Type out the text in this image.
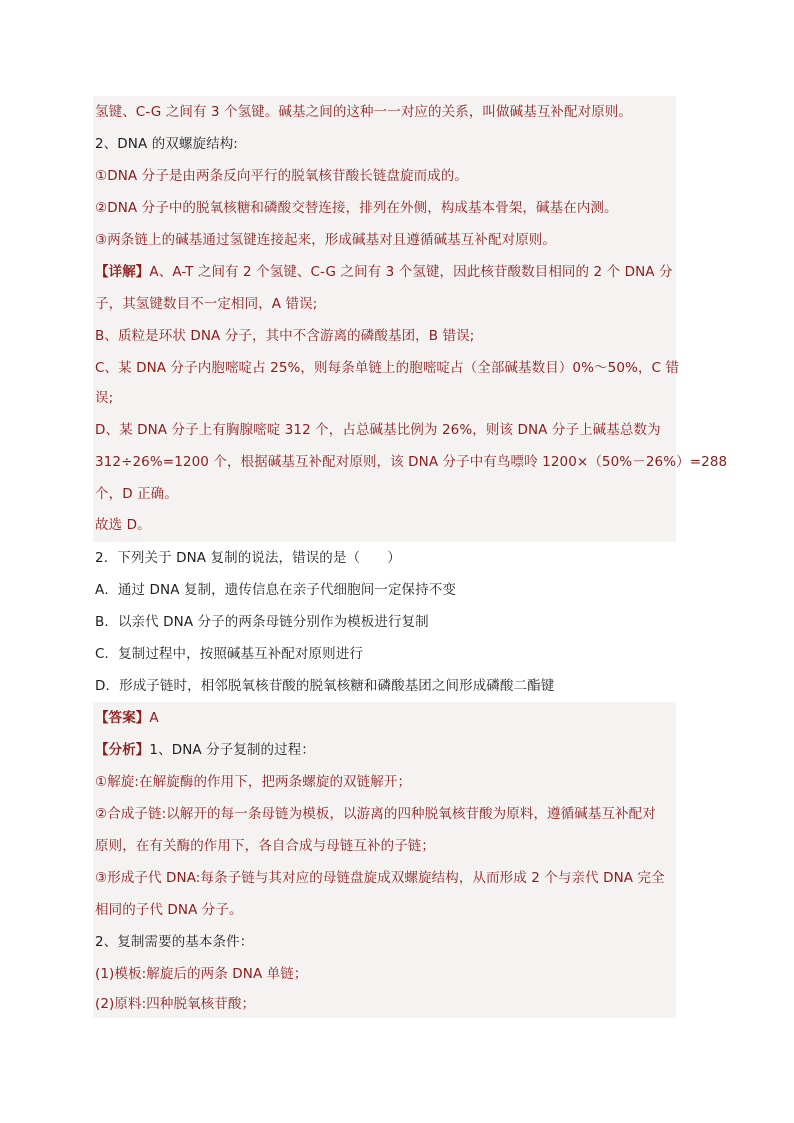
氢键、C-G 之间有 3 个氢键。碱基之间的这种一一对应的关系，叫做碱基互补配对原则。
2、DNA 的双螺旋结构:
①DNA 分子是由两条反向平行的脱氧核苷酸长链盘旋而成的。
②DNA 分子中的脱氧核糖和磷酸交替连接，排列在外侧，构成基本骨架，碱基在内测。
③两条链上的碱基通过氢键连接起来，形成碱基对且遵循碱基互补配对原则。
【详解】A、A-T 之间有 2 个氢键、C-G 之间有 3 个氢键，因此核苷酸数目相同的 2 个 DNA 分
子，其氢键数目不一定相同，A 错误;
B、质粒是环状 DNA 分子，其中不含游离的磷酸基团，B 错误;
C、某 DNA 分子内胞嘧啶占 25%，则每条单链上的胞嘧啶占（全部碱基数目）0%～50%，C 错
误;
D、某 DNA 分子上有胸腺嘧啶 312 个，占总碱基比例为 26%，则该 DNA 分子上碱基总数为
312÷26%=1200 个，根据碱基互补配对原则，该 DNA 分子中有鸟嘌呤 1200×（50%－26%）=288
个，D 正确。
故选 D。
2．下列关于 DNA 复制的说法，错误的是（　　）
A．通过 DNA 复制，遗传信息在亲子代细胞间一定保持不变
B．以亲代 DNA 分子的两条母链分别作为模板进行复制
C．复制过程中，按照碱基互补配对原则进行
D．形成子链时，相邻脱氧核苷酸的脱氧核糖和磷酸基团之间形成磷酸二酯键
【答案】A
【分析】1、DNA 分子复制的过程：
①解旋:在解旋酶的作用下，把两条螺旋的双链解开；
②合成子链:以解开的每一条母链为模板，以游离的四种脱氧核苷酸为原料，遵循碱基互补配对
原则，在有关酶的作用下，各自合成与母链互补的子链；
③形成子代 DNA:每条子链与其对应的母链盘旋成双螺旋结构，从而形成 2 个与亲代 DNA 完全
相同的子代 DNA 分子。
2、复制需要的基本条件：
(1)模板:解旋后的两条 DNA 单链；
(2)原料:四种脱氧核苷酸；
